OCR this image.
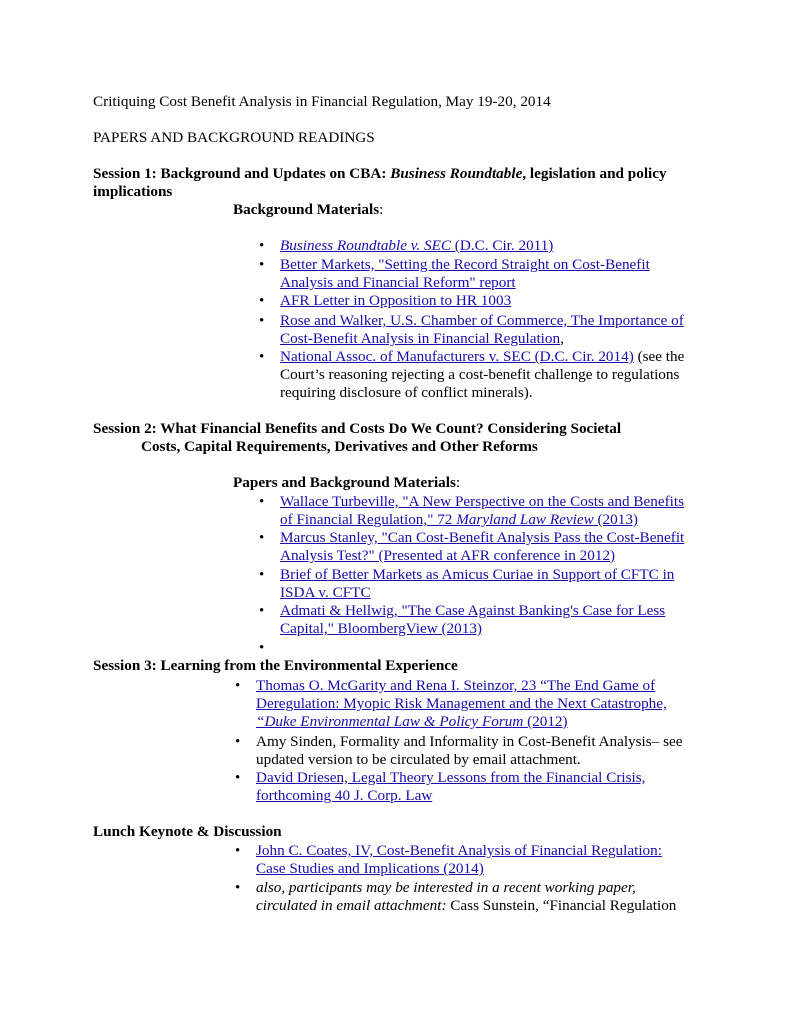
Critiquing Cost Benefit Analysis in Financial Regulation, May 19-20, 2014
PAPERS AND BACKGROUND READINGS
Session 1: Background and Updates on CBA: Business Roundtable, legislation and policy
implications
Background Materials:
• Business Roundtable v. SEC (D.C. Cir. 2011)
• Better Markets, "Setting the Record Straight on Cost-Benefit
Analysis and Financial Reform" report
• AFR Letter in Opposition to HR 1003
• Rose and Walker, U.S. Chamber of Commerce, The Importance of
Cost-Benefit Analysis in Financial Regulation,
• National Assoc. of Manufacturers v. SEC (D.C. Cir. 2014) (see the
Court’s reasoning rejecting a cost-benefit challenge to regulations
requiring disclosure of conflict minerals).
Session 2: What Financial Benefits and Costs Do We Count? Considering Societal
Costs, Capital Requirements, Derivatives and Other Reforms
Papers and Background Materials:
• Wallace Turbeville, "A New Perspective on the Costs and Benefits
of Financial Regulation," 72 Maryland Law Review (2013)
• Marcus Stanley, "Can Cost-Benefit Analysis Pass the Cost-Benefit
Analysis Test?" (Presented at AFR conference in 2012)
• Brief of Better Markets as Amicus Curiae in Support of CFTC in
ISDA v. CFTC
• Admati & Hellwig, "The Case Against Banking's Case for Less
Capital," BloombergView (2013)
•
Session 3: Learning from the Environmental Experience
• Thomas O. McGarity and Rena I. Steinzor, 23 “The End Game of
Deregulation: Myopic Risk Management and the Next Catastrophe,
“Duke Environmental Law & Policy Forum (2012)
• Amy Sinden, Formality and Informality in Cost-Benefit Analysis– see
updated version to be circulated by email attachment.
• David Driesen, Legal Theory Lessons from the Financial Crisis,
forthcoming 40 J. Corp. Law
Lunch Keynote & Discussion
• John C. Coates, IV, Cost-Benefit Analysis of Financial Regulation:
Case Studies and Implications (2014)
• also, participants may be interested in a recent working paper,
circulated in email attachment: Cass Sunstein, “Financial Regulation
